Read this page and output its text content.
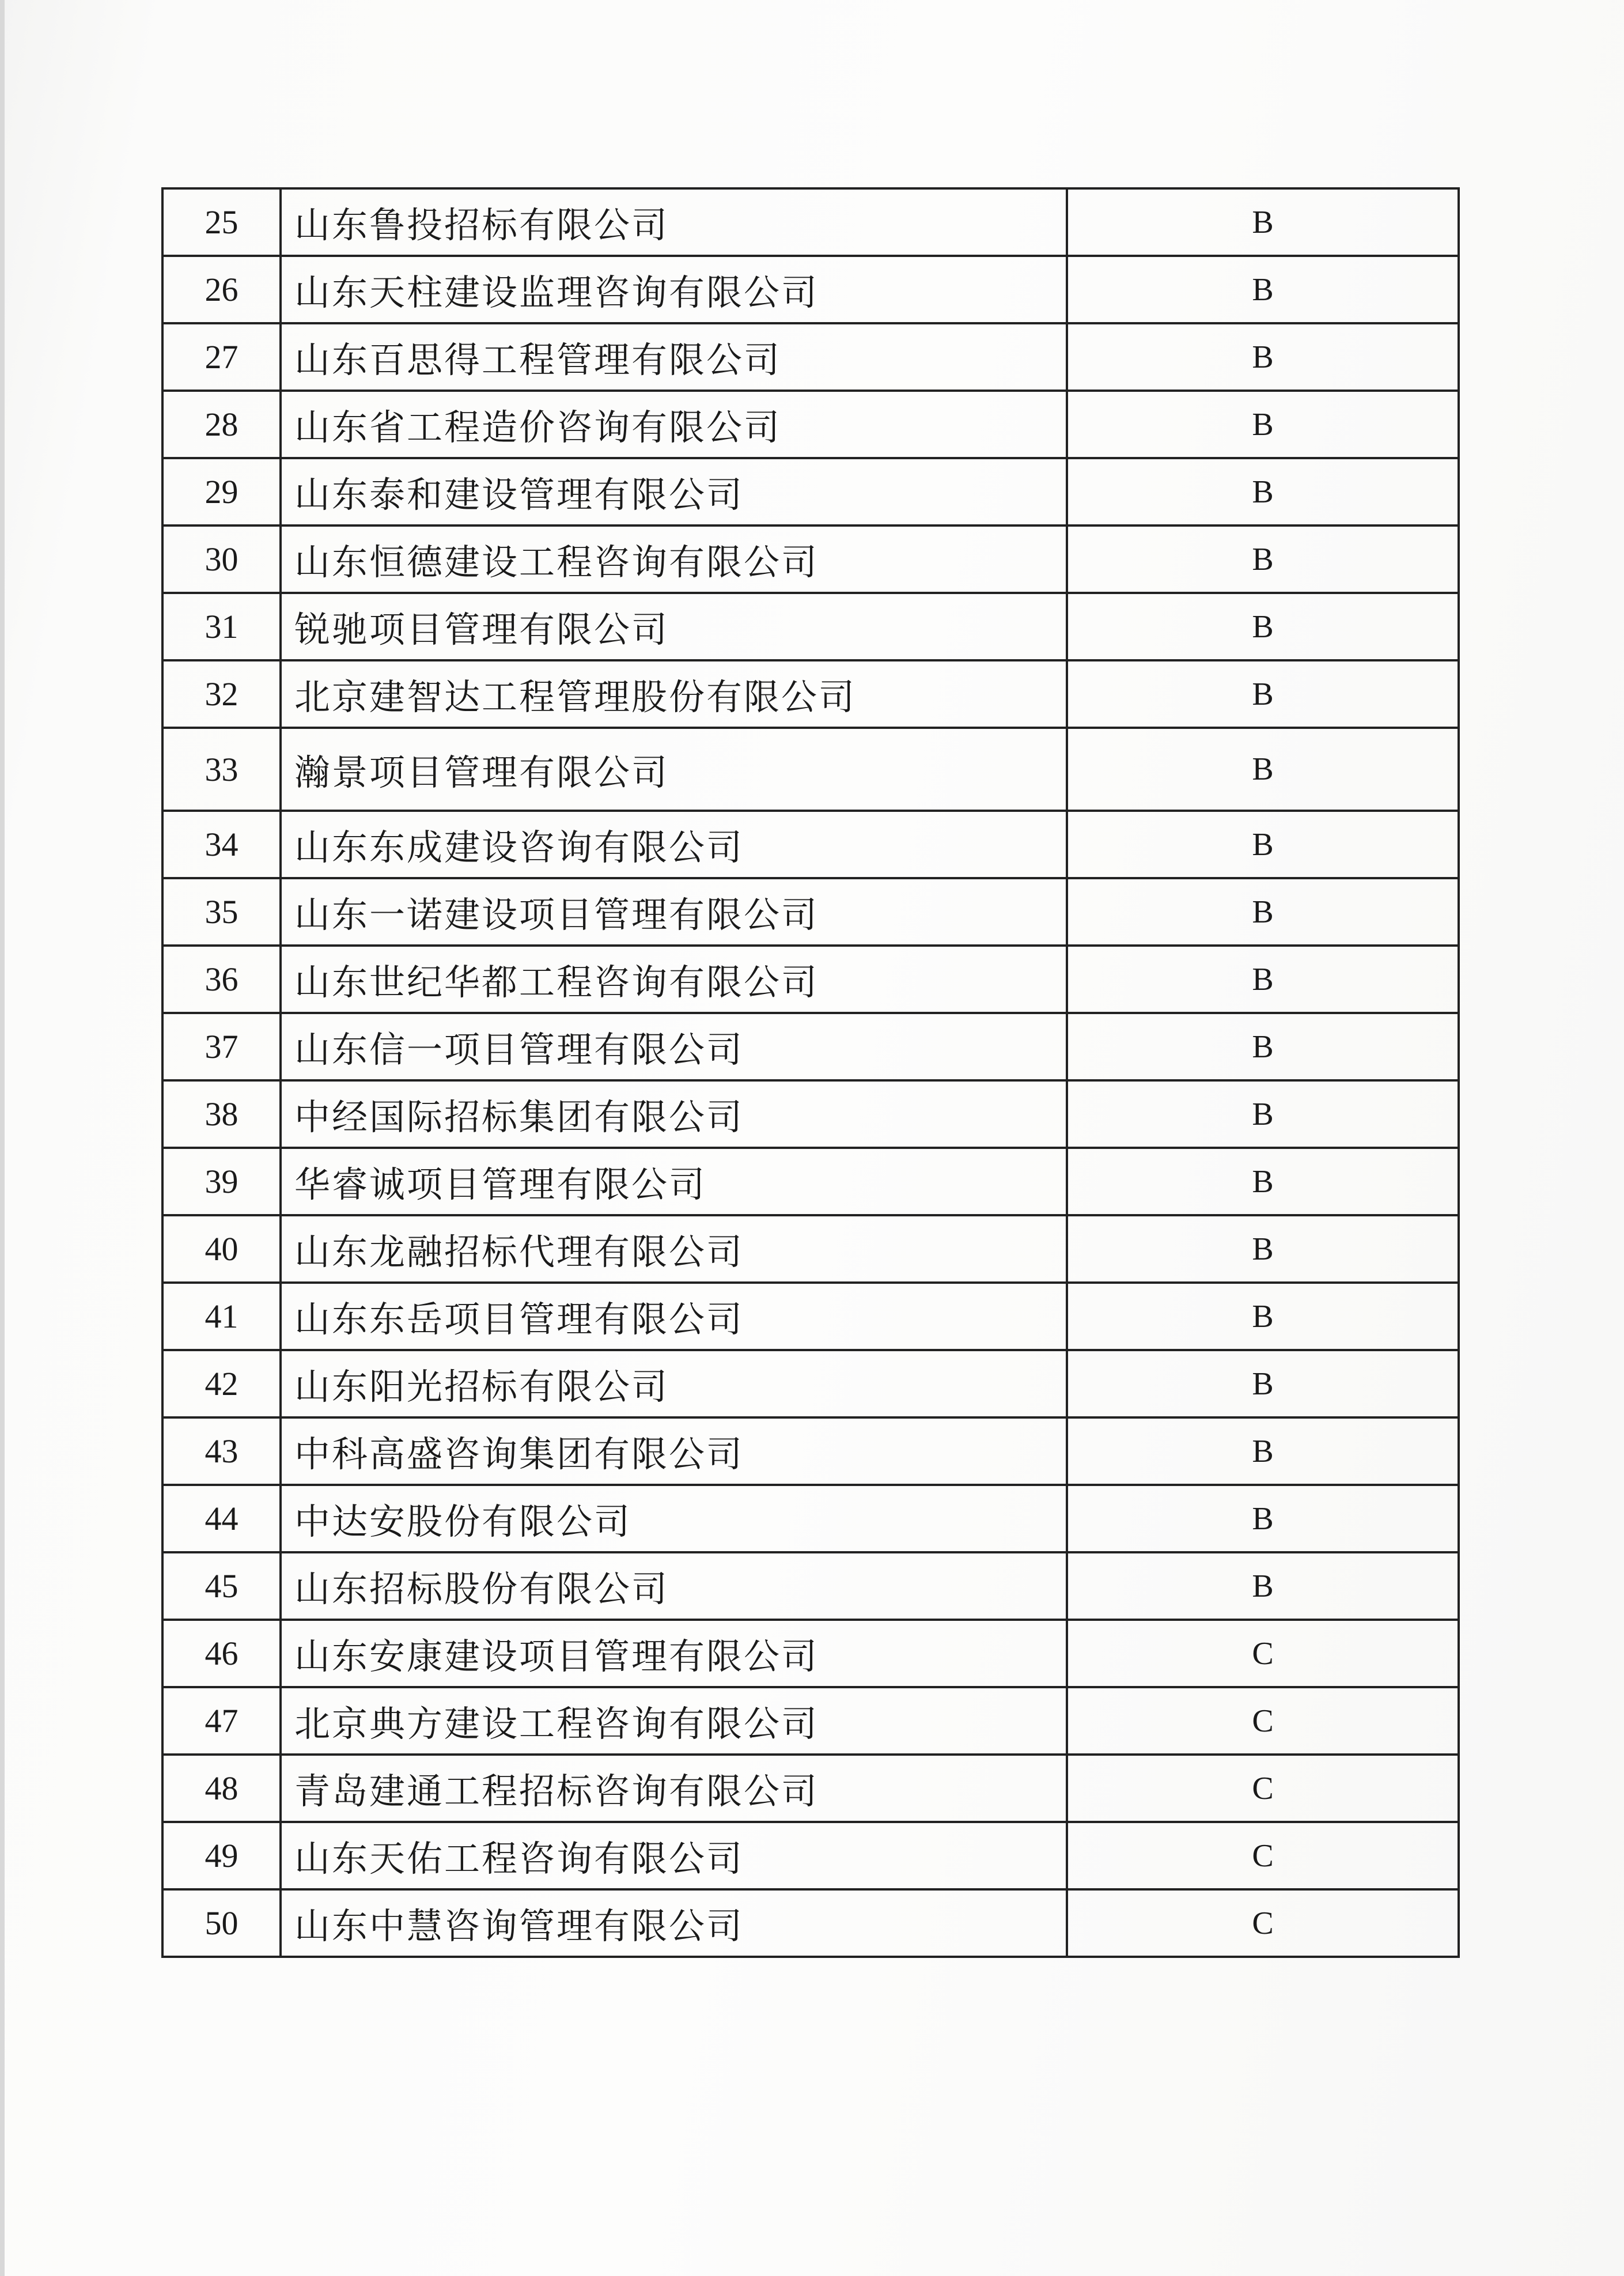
25	山东鲁投招标有限公司	B
26	山东天柱建设监理咨询有限公司	B
27	山东百思得工程管理有限公司	B
28	山东省工程造价咨询有限公司	B
29	山东泰和建设管理有限公司	B
30	山东恒德建设工程咨询有限公司	B
31	锐驰项目管理有限公司	B
32	北京建智达工程管理股份有限公司	B
33	瀚景项目管理有限公司	B
34	山东东成建设咨询有限公司	B
35	山东一诺建设项目管理有限公司	B
36	山东世纪华都工程咨询有限公司	B
37	山东信一项目管理有限公司	B
38	中经国际招标集团有限公司	B
39	华睿诚项目管理有限公司	B
40	山东龙融招标代理有限公司	B
41	山东东岳项目管理有限公司	B
42	山东阳光招标有限公司	B
43	中科高盛咨询集团有限公司	B
44	中达安股份有限公司	B
45	山东招标股份有限公司	B
46	山东安康建设项目管理有限公司	C
47	北京典方建设工程咨询有限公司	C
48	青岛建通工程招标咨询有限公司	C
49	山东天佑工程咨询有限公司	C
50	山东中慧咨询管理有限公司	C
